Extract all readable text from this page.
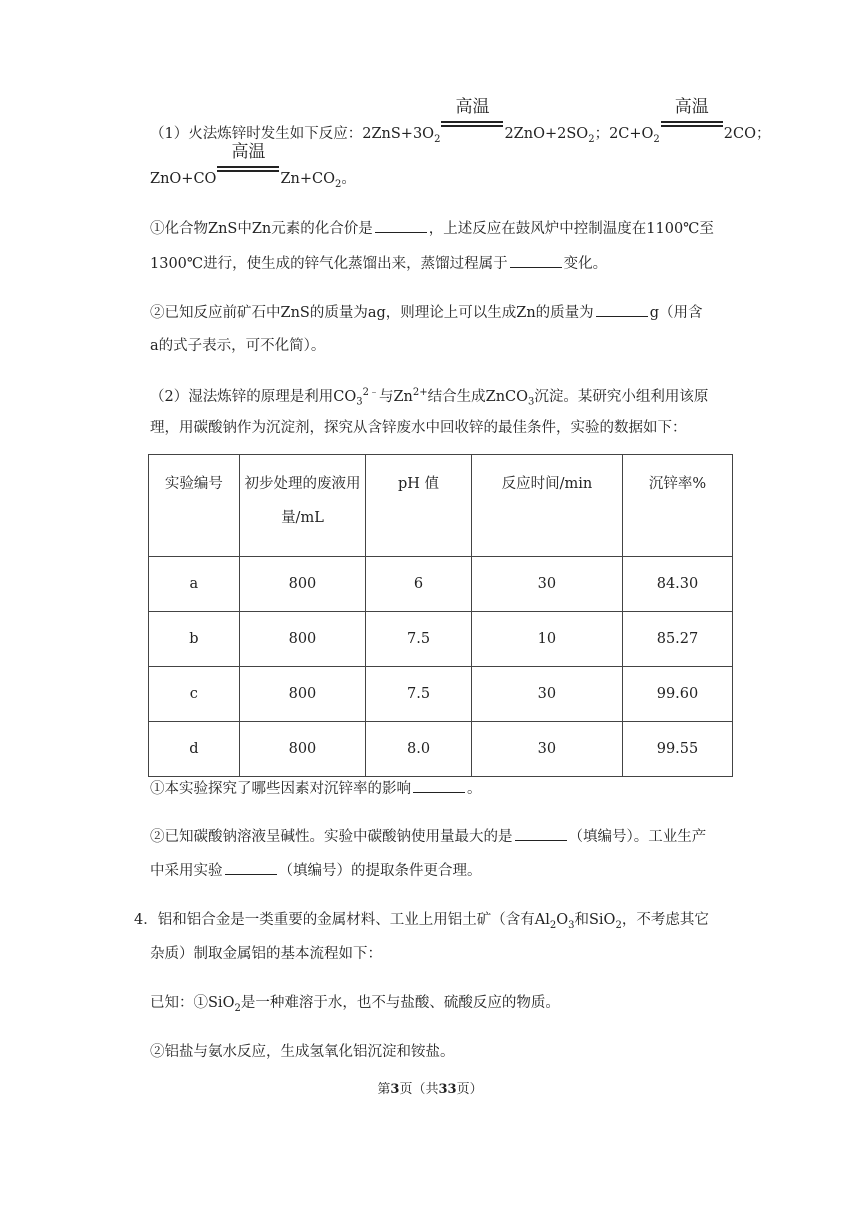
（1）火法炼锌时发生如下反应：$2ZnS+3O_2$
高温
$2ZnO+2SO_2$；$2C+O_2$
高温
2CO；
ZnO+CO
高温
$Zn+CO_2$。
①化合物ZnS中Zn元素的化合价是	，上述反应在鼓风炉中控制温度在1100℃至
1300℃进行，使生成的锌气化蒸馏出来，蒸馏过程属于	变化。
②已知反应前矿石中ZnS的质量为ag，则理论上可以生成Zn的质量为	g（用含
a的式子表示，可不化简）。
（2）湿法炼锌的原理是利用$CO_3^{2﹣}$与$Zn^{2+}$结合生成ZnCO$_3$沉淀。某研究小组利用该原
理，用碳酸钠作为沉淀剂，探究从含锌废水中回收锌的最佳条件，实验的数据如下：
实验编号	初步处理的废液用量/mL	pH 值	反应时间/min	沉锌率%
a	800	6	30	84.30
b	800	7.5	10	85.27
c	800	7.5	30	99.60
d	800	8.0	30	99.55
①本实验探究了哪些因素对沉锌率的影响	。
②已知碳酸钠溶液呈碱性。实验中碳酸钠使用量最大的是	（填编号）。工业生产
中采用实验	（填编号）的提取条件更合理。
4．铝和铝合金是一类重要的金属材料、工业上用铝土矿（含有$Al_2O_3$和SiO$_2$，不考虑其它
杂质）制取金属铝的基本流程如下：
已知：①SiO$_2$是一种难溶于水，也不与盐酸、硫酸反应的物质。
②铝盐与氨水反应，生成氢氧化铝沉淀和铵盐。
第3页（共33页）
